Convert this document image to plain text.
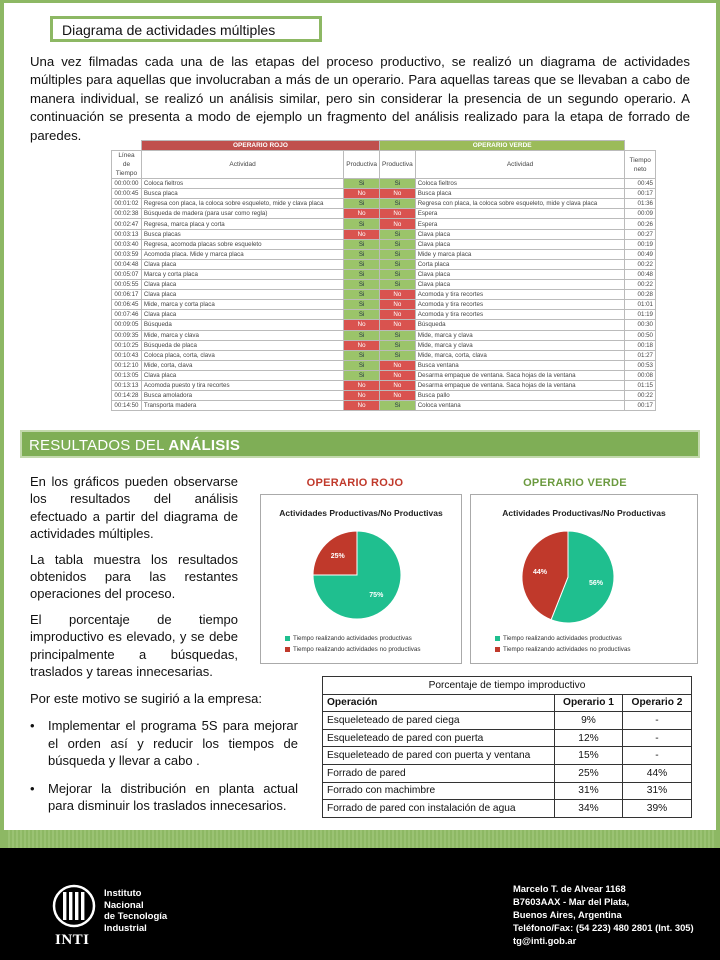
Diagrama de actividades múltiples

Una vez filmadas cada una de las etapas del proceso productivo, se realizó un diagrama de actividades múltiples para aquellas que involucraban a más de un operario. Para aquellas tareas que se llevaban a cabo de manera individual, se realizó un análisis similar, pero sin considerar la presencia de un segundo operario. A continuación se presenta a modo de ejemplo un fragmento del análisis realizado para la etapa de forrado de paredes.

	OPERARIO ROJO		OPERARIO VERDE		
Línea de Tiempo	Actividad	Productiva	Productiva	Actividad	Tiempo neto
00:00:00	Coloca fieltros	Si	Si	Coloca fieltros	00:45
00:00:45	Busca placa	No	No	Busca placa	00:17
00:01:02	Regresa con placa, la coloca sobre esqueleto, mide y clava placa	Si	Si	Regresa con placa, la coloca sobre esqueleto, mide y clava placa	01:36
00:02:38	Búsqueda de madera (para usar como regla)	No	No	Espera	00:09
00:02:47	Regresa, marca placa y corta	Si	No	Espera	00:26
00:03:13	Busca placas	No	Si	Clava placa	00:27
00:03:40	Regresa, acomoda placas sobre esqueleto	Si	Si	Clava placa	00:19
00:03:59	Acomoda placa. Mide y marca placa	Si	Si	Mide y marca placa	00:49
00:04:48	Clava placa	Si	Si	Corta placa	00:22
00:05:07	Marca y corta placa	Si	Si	Clava placa	00:48
00:05:55	Clava placa	Si	Si	Clava placa	00:22
00:06:17	Clava placa	Si	No	Acomoda y tira recortes	00:28
00:06:45	Mide, marca y corta placa	Si	No	Acomoda y tira recortes	01:01
00:07:46	Clava placa	Si	No	Acomoda y tira recortes	01:19
00:09:05	Búsqueda	No	No	Búsqueda	00:30
00:09:35	Mide, marca y clava	Si	Si	Mide, marca y clava	00:50
00:10:25	Búsqueda de placa	No	Si	Mide, marca y clava	00:18
00:10:43	Coloca placa, corta, clava	Si	Si	Mide, marca, corta, clava	01:27
00:12:10	Mide, corta, clava	Si	No	Busca ventana	00:53
00:13:05	Clava placa	Si	No	Desarma empaque de ventana. Saca hojas de la ventana	00:08
00:13:13	Acomoda puesto y tira recortes	No	No	Desarma empaque de ventana. Saca hojas de la ventana	01:15
00:14:28	Busca amoladora	No	No	Busca pallo	00:22
00:14:50	Transporta madera	No	Si	Coloca ventana	00:17
RESULTADOS DEL ANÁLISIS

En los gráficos pueden observarse los resultados del análisis efectuado a partir del diagrama de actividades múltiples.

La tabla muestra los resultados obtenidos para las restantes operaciones del proceso.

El porcentaje de tiempo improductivo es elevado, y se debe principalmente a búsquedas, traslados y tareas innecesarias.

OPERARIO ROJO	OPERARIO VERDE
Actividades Productivas/No Productivas
75%
25%
Tiempo realizando actividades productivas
Tiempo realizando actividades no productivas
Actividades Productivas/No Productivas
56%
44%
Tiempo realizando actividades productivas
Tiempo realizando actividades no productivas

Por este motivo se sugirió a la empresa:

• Implementar el programa 5S para mejorar el orden así y reducir los tiempos de búsqueda y llevar a cabo .
• Mejorar la distribución en planta actual para disminuir los traslados innecesarios.
Porcentaje de tiempo improductivo		
Operación	Operario 1	Operario 2
Esqueleteado de pared ciega	9%	-
Esqueleteado de pared con puerta	12%	-
Esqueleteado de pared con puerta y ventana	15%	-
Forrado de pared	25%	44%
Forrado con machimbre	31%	31%
Forrado de pared con instalación de agua	34%	39%
INTI
Instituto
Nacional
de Tecnología
Industrial
Marcelo T. de Alvear 1168
B7603AAX - Mar del Plata,
Buenos Aires, Argentina
Teléfono/Fax: (54 223) 480 2801 (Int. 305)
tg@inti.gob.ar
